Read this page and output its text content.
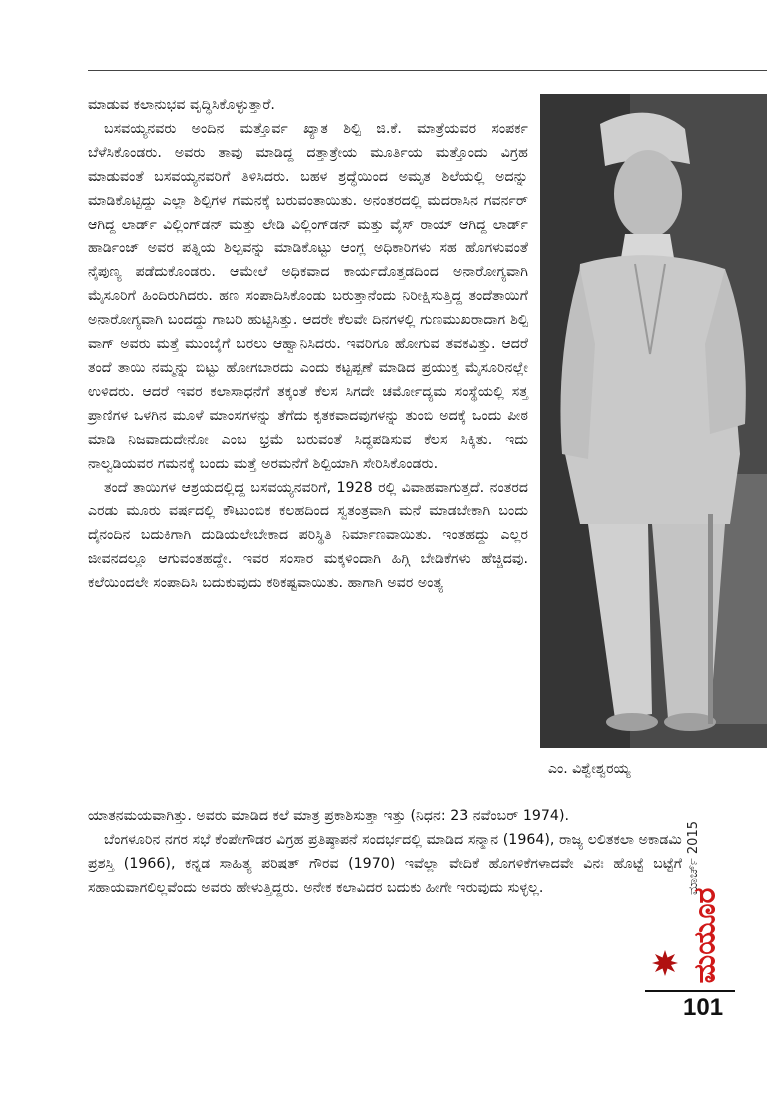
ಮಾಡುವ ಕಲಾನುಭವ ವೃದ್ಧಿಸಿಕೊಳ್ಳುತ್ತಾರೆ.

ಬಸವಯ್ಯನವರು ಅಂದಿನ ಮತ್ತೊರ್ವ ಖ್ಯಾತ ಶಿಲ್ಪಿ ಜಿ.ಕೆ. ಮಾತ್ರೆಯವರ ಸಂಪರ್ಕ ಬೆಳೆಸಿಕೊಂಡರು. ಅವರು ತಾವು ಮಾಡಿದ್ದ ದತ್ತಾತ್ರೇಯ ಮೂರ್ತಿಯ ಮತ್ತೊಂದು ವಿಗ್ರಹ ಮಾಡುವಂತೆ ಬಸವಯ್ಯನವರಿಗೆ ತಿಳಿಸಿದರು. ಬಹಳ ಶ್ರದ್ಧೆಯಿಂದ ಅಮೃತ ಶಿಲೆಯಲ್ಲಿ ಅದನ್ನು ಮಾಡಿಕೊಟ್ಟಿದ್ದು ಎಲ್ಲಾ ಶಿಲ್ಪಿಗಳ ಗಮನಕ್ಕೆ ಬರುವಂತಾಯಿತು. ಅನಂತರದಲ್ಲಿ ಮದರಾಸಿನ ಗವರ್ನರ್ ಆಗಿದ್ದ ಲಾರ್ಡ್ ವಿಲ್ಲಿಂಗ್‌ಡನ್ ಮತ್ತು ಲೇಡಿ ವಿಲ್ಲಿಂಗ್‌ಡನ್ ಮತ್ತು ವೈಸ್ ರಾಯ್ ಆಗಿದ್ದ ಲಾರ್ಡ್ ಹಾರ್ಡಿಂಜ್ ಅವರ ಪತ್ನಿಯ ಶಿಲ್ಪವನ್ನು ಮಾಡಿಕೊಟ್ಟು ಆಂಗ್ಲ ಅಧಿಕಾರಿಗಳು ಸಹ ಹೊಗಳುವಂತೆ ನೈಪುಣ್ಯ ಪಡೆದುಕೊಂಡರು. ಆಮೇಲೆ ಅಧಿಕವಾದ ಕಾರ್ಯದೊತ್ತಡದಿಂದ ಅನಾರೋಗ್ಯವಾಗಿ ಮೈಸೂರಿಗೆ ಹಿಂದಿರುಗಿದರು. ಹಣ ಸಂಪಾದಿಸಿಕೊಂಡು ಬರುತ್ತಾನೆಂದು ನಿರೀಕ್ಷಿಸುತ್ತಿದ್ದ ತಂದೆತಾಯಿಗೆ ಅನಾರೋಗ್ಯವಾಗಿ ಬಂದದ್ದು ಗಾಬರಿ ಹುಟ್ಟಿಸಿತ್ತು. ಆದರೇ ಕೆಲವೇ ದಿನಗಳಲ್ಲಿ ಗುಣಮುಖರಾದಾಗ ಶಿಲ್ಪಿ ವಾಗ್ ಅವರು ಮತ್ತೆ ಮುಂಬೈಗೆ ಬರಲು ಆಹ್ವಾನಿಸಿದರು. ಇವರಿಗೂ ಹೋಗುವ ತವಕವಿತ್ತು. ಆದರೆ ತಂದೆ ತಾಯಿ ನಮ್ಮನ್ನು ಬಿಟ್ಟು ಹೋಗಬಾರದು ಎಂದು ಕಟ್ಟಪ್ಪಣೆ ಮಾಡಿದ ಪ್ರಯುಕ್ತ ಮೈಸೂರಿನಲ್ಲೇ ಉಳಿದರು. ಆದರೆ ಇವರ ಕಲಾಸಾಧನೆಗೆ ತಕ್ಕಂತೆ ಕೆಲಸ ಸಿಗದೇ ಚರ್ಮೋದ್ಯಮ ಸಂಸ್ಥೆಯಲ್ಲಿ ಸತ್ತ ಪ್ರಾಣಿಗಳ ಒಳಗಿನ ಮೂಳೆ ಮಾಂಸಗಳನ್ನು ತೆಗೆದು ಕೃತಕವಾದವುಗಳನ್ನು ತುಂಬಿ ಅದಕ್ಕೆ ಒಂದು ಪೀಠ ಮಾಡಿ ನಿಜವಾದುದೇನೋ ಎಂಬ ಭ್ರಮೆ ಬರುವಂತೆ ಸಿದ್ಧಪಡಿಸುವ ಕೆಲಸ ಸಿಕ್ಕಿತು. ಇದು ನಾಲ್ವಡಿಯವರ ಗಮನಕ್ಕೆ ಬಂದು ಮತ್ತೆ ಅರಮನೆಗೆ ಶಿಲ್ಪಿಯಾಗಿ ಸೇರಿಸಿಕೊಂಡರು.

ತಂದೆ ತಾಯಿಗಳ ಆಶ್ರಯದಲ್ಲಿದ್ದ ಬಸವಯ್ಯನವರಿಗೆ, 1928 ರಲ್ಲಿ ವಿವಾಹವಾಗುತ್ತದೆ. ನಂತರದ ಎರಡು ಮೂರು ವರ್ಷದಲ್ಲಿ ಕೌಟುಂಬಿಕ ಕಲಹದಿಂದ ಸ್ವತಂತ್ರವಾಗಿ ಮನೆ ಮಾಡಬೇಕಾಗಿ ಬಂದು ದೈನಂದಿನ ಬದುಕಿಗಾಗಿ ದುಡಿಯಲೇಬೇಕಾದ ಪರಿಸ್ಥಿತಿ ನಿರ್ಮಾಣವಾಯಿತು. ಇಂತಹದ್ದು ಎಲ್ಲರ ಜೀವನದಲ್ಲೂ ಆಗುವಂತಹದ್ದೇ. ಇವರ ಸಂಸಾರ ಮಕ್ಕಳಿಂದಾಗಿ ಹಿಗ್ಗಿ ಬೇಡಿಕೆಗಳು ಹೆಚ್ಚಿದವು. ಕಲೆಯಿಂದಲೇ ಸಂಪಾದಿಸಿ ಬದುಕುವುದು ಕಠಿಕಷ್ಟವಾಯಿತು. ಹಾಗಾಗಿ ಅವರ ಅಂತ್ಯ

ಯಾತನಮಯವಾಗಿತ್ತು. ಅವರು ಮಾಡಿದ ಕಲೆ ಮಾತ್ರ ಪ್ರಕಾಶಿಸುತ್ತಾ ಇತ್ತು (ನಿಧನ: 23 ನವೆಂಬರ್ 1974).

ಬೆಂಗಳೂರಿನ ನಗರ ಸಭೆ ಕೆಂಪೇಗೌಡರ ವಿಗ್ರಹ ಪ್ರತಿಷ್ಠಾಪನೆ ಸಂದರ್ಭದಲ್ಲಿ ಮಾಡಿದ ಸನ್ಮಾನ (1964), ರಾಜ್ಯ ಲಲಿತಕಲಾ ಅಕಾಡಮಿ ಪ್ರಶಸ್ತಿ (1966), ಕನ್ನಡ ಸಾಹಿತ್ಯ ಪರಿಷತ್ ಗೌರವ (1970) ಇವೆಲ್ಲಾ ವೇದಿಕೆ ಹೊಗಳಿಕೆಗಳಾದವೇ ವಿನಃ ಹೊಟ್ಟೆ ಬಟ್ಟೆಗೆ ಸಹಾಯವಾಗಲಿಲ್ಲವೆಂದು ಅವರು ಹೇಳುತ್ತಿದ್ದರು. ಅನೇಕ ಕಲಾವಿದರ ಬದುಕು ಹೀಗೇ ಇರುವುದು ಸುಳ್ಳಲ್ಲ.

ಎಂ. ವಿಶ್ವೇಶ್ವರಯ್ಯ
ಮಾರ್ಚ್ 2015
ಮಯೂರ
101
